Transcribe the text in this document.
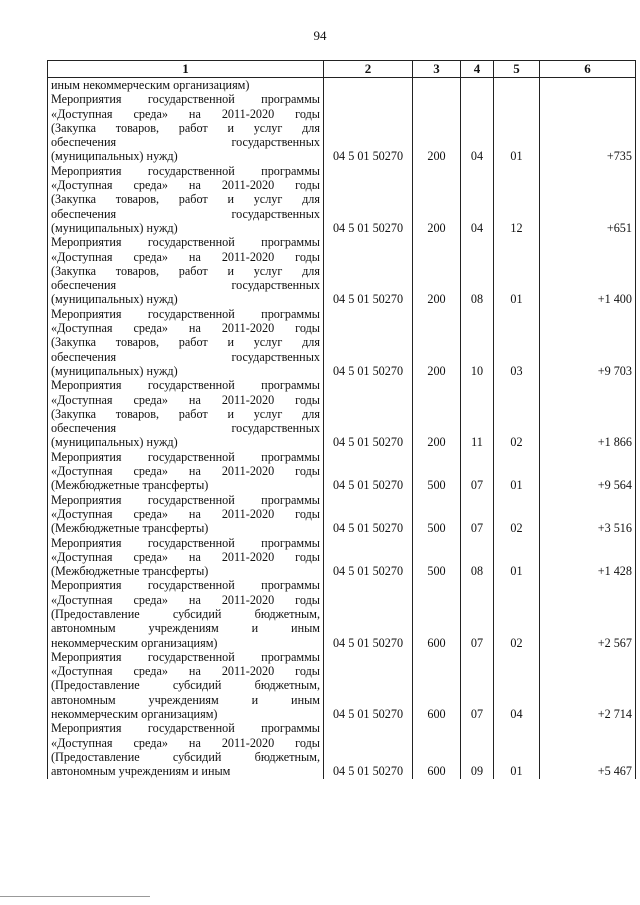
94
1	2	3	4	5	6

иным некоммерческим организациям)					

Мероприятия государственной программы
«Доступная среда» на 2011-2020 годы
(Закупка товаров, работ и услуг для
обеспечения государственных
(муниципальных) нужд)	04 5 01 50270	200	04	01	+735

Мероприятия государственной программы
«Доступная среда» на 2011-2020 годы
(Закупка товаров, работ и услуг для
обеспечения государственных
(муниципальных) нужд)	04 5 01 50270	200	04	12	+651

Мероприятия государственной программы
«Доступная среда» на 2011-2020 годы
(Закупка товаров, работ и услуг для
обеспечения государственных
(муниципальных) нужд)	04 5 01 50270	200	08	01	+1 400

Мероприятия государственной программы
«Доступная среда» на 2011-2020 годы
(Закупка товаров, работ и услуг для
обеспечения государственных
(муниципальных) нужд)	04 5 01 50270	200	10	03	+9 703

Мероприятия государственной программы
«Доступная среда» на 2011-2020 годы
(Закупка товаров, работ и услуг для
обеспечения государственных
(муниципальных) нужд)	04 5 01 50270	200	11	02	+1 866

Мероприятия государственной программы
«Доступная среда» на 2011-2020 годы
(Межбюджетные трансферты)	04 5 01 50270	500	07	01	+9 564

Мероприятия государственной программы
«Доступная среда» на 2011-2020 годы
(Межбюджетные трансферты)	04 5 01 50270	500	07	02	+3 516

Мероприятия государственной программы
«Доступная среда» на 2011-2020 годы
(Межбюджетные трансферты)	04 5 01 50270	500	08	01	+1 428

Мероприятия государственной программы
«Доступная среда» на 2011-2020 годы
(Предоставление субсидий бюджетным,
автономным учреждениям и иным
некоммерческим организациям)	04 5 01 50270	600	07	02	+2 567

Мероприятия государственной программы
«Доступная среда» на 2011-2020 годы
(Предоставление субсидий бюджетным,
автономным учреждениям и иным
некоммерческим организациям)	04 5 01 50270	600	07	04	+2 714

Мероприятия государственной программы
«Доступная среда» на 2011-2020 годы
(Предоставление субсидий бюджетным,
автономным учреждениям и иным	04 5 01 50270	600	09	01	+5 467
